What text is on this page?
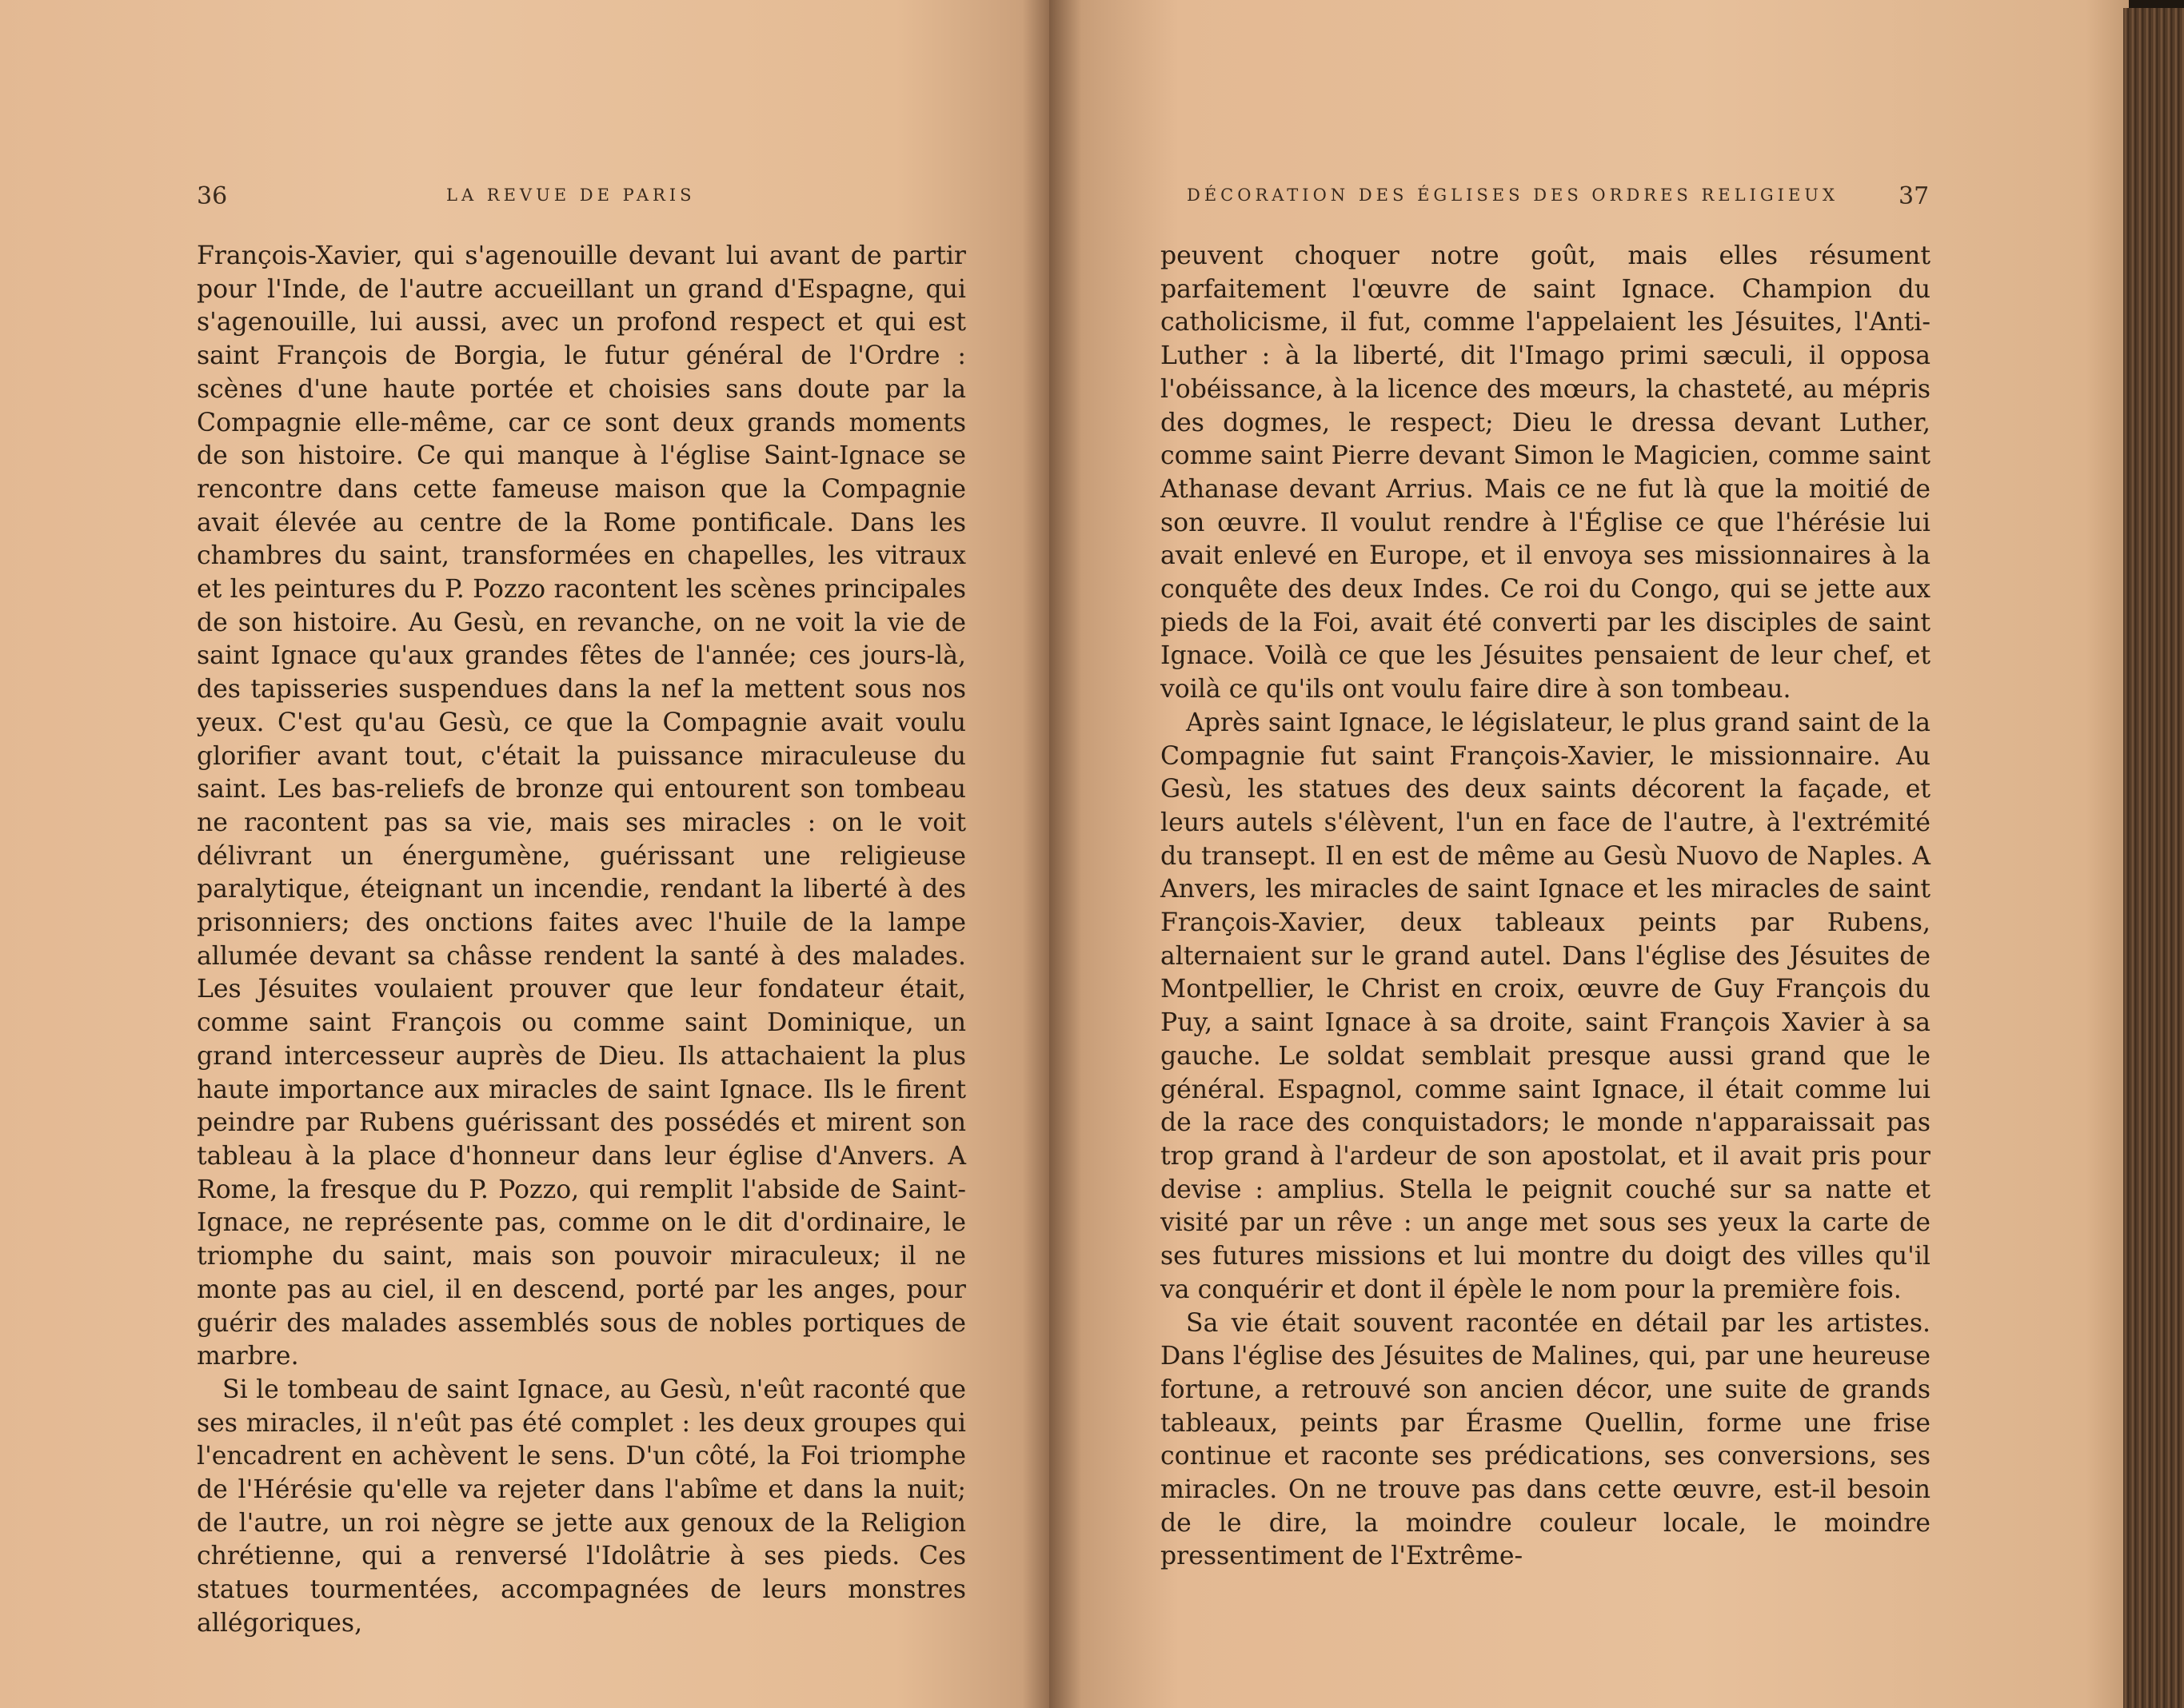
36	LA REVUE DE PARIS

François-Xavier, qui s'agenouille devant lui avant de partir pour l'Inde, de l'autre accueillant un grand d'Espagne, qui s'agenouille, lui aussi, avec un profond respect et qui est saint François de Borgia, le futur général de l'Ordre : scènes d'une haute portée et choisies sans doute par la Compagnie elle-même, car ce sont deux grands moments de son histoire. Ce qui manque à l'église Saint-Ignace se rencontre dans cette fameuse maison que la Compagnie avait élevée au centre de la Rome pontificale. Dans les chambres du saint, transformées en chapelles, les vitraux et les peintures du P. Pozzo racontent les scènes principales de son histoire. Au Gesù, en revanche, on ne voit la vie de saint Ignace qu'aux grandes fêtes de l'année; ces jours-là, des tapisseries suspendues dans la nef la mettent sous nos yeux. C'est qu'au Gesù, ce que la Compagnie avait voulu glorifier avant tout, c'était la puissance miraculeuse du saint. Les bas-reliefs de bronze qui entourent son tombeau ne racontent pas sa vie, mais ses miracles : on le voit délivrant un énergumène, guérissant une religieuse paralytique, éteignant un incendie, rendant la liberté à des prisonniers; des onctions faites avec l'huile de la lampe allumée devant sa châsse rendent la santé à des malades. Les Jésuites voulaient prouver que leur fondateur était, comme saint François ou comme saint Dominique, un grand intercesseur auprès de Dieu. Ils attachaient la plus haute importance aux miracles de saint Ignace. Ils le firent peindre par Rubens guérissant des possédés et mirent son tableau à la place d'honneur dans leur église d'Anvers. A Rome, la fresque du P. Pozzo, qui remplit l'abside de Saint-Ignace, ne représente pas, comme on le dit d'ordinaire, le triomphe du saint, mais son pouvoir miraculeux; il ne monte pas au ciel, il en descend, porté par les anges, pour guérir des malades assemblés sous de nobles portiques de marbre.

Si le tombeau de saint Ignace, au Gesù, n'eût raconté que ses miracles, il n'eût pas été complet : les deux groupes qui l'encadrent en achèvent le sens. D'un côté, la Foi triomphe de l'Hérésie qu'elle va rejeter dans l'abîme et dans la nuit; de l'autre, un roi nègre se jette aux genoux de la Religion chrétienne, qui a renversé l'Idolâtrie à ses pieds. Ces statues tourmentées, accompagnées de leurs monstres allégoriques,

DÉCORATION DES ÉGLISES DES ORDRES RELIGIEUX	37

peuvent choquer notre goût, mais elles résument parfaitement l'œuvre de saint Ignace. Champion du catholicisme, il fut, comme l'appelaient les Jésuites, l'Anti-Luther : à la liberté, dit l'Imago primi sæculi, il opposa l'obéissance, à la licence des mœurs, la chasteté, au mépris des dogmes, le respect; Dieu le dressa devant Luther, comme saint Pierre devant Simon le Magicien, comme saint Athanase devant Arrius. Mais ce ne fut là que la moitié de son œuvre. Il voulut rendre à l'Église ce que l'hérésie lui avait enlevé en Europe, et il envoya ses missionnaires à la conquête des deux Indes. Ce roi du Congo, qui se jette aux pieds de la Foi, avait été converti par les disciples de saint Ignace. Voilà ce que les Jésuites pensaient de leur chef, et voilà ce qu'ils ont voulu faire dire à son tombeau.

Après saint Ignace, le législateur, le plus grand saint de la Compagnie fut saint François-Xavier, le missionnaire. Au Gesù, les statues des deux saints décorent la façade, et leurs autels s'élèvent, l'un en face de l'autre, à l'extrémité du transept. Il en est de même au Gesù Nuovo de Naples. A Anvers, les miracles de saint Ignace et les miracles de saint François-Xavier, deux tableaux peints par Rubens, alternaient sur le grand autel. Dans l'église des Jésuites de Montpellier, le Christ en croix, œuvre de Guy François du Puy, a saint Ignace à sa droite, saint François Xavier à sa gauche. Le soldat semblait presque aussi grand que le général. Espagnol, comme saint Ignace, il était comme lui de la race des conquistadors; le monde n'apparaissait pas trop grand à l'ardeur de son apostolat, et il avait pris pour devise : amplius. Stella le peignit couché sur sa natte et visité par un rêve : un ange met sous ses yeux la carte de ses futures missions et lui montre du doigt des villes qu'il va conquérir et dont il épèle le nom pour la première fois.

Sa vie était souvent racontée en détail par les artistes. Dans l'église des Jésuites de Malines, qui, par une heureuse fortune, a retrouvé son ancien décor, une suite de grands tableaux, peints par Érasme Quellin, forme une frise continue et raconte ses prédications, ses conversions, ses miracles. On ne trouve pas dans cette œuvre, est-il besoin de le dire, la moindre couleur locale, le moindre pressentiment de l'Extrême-
